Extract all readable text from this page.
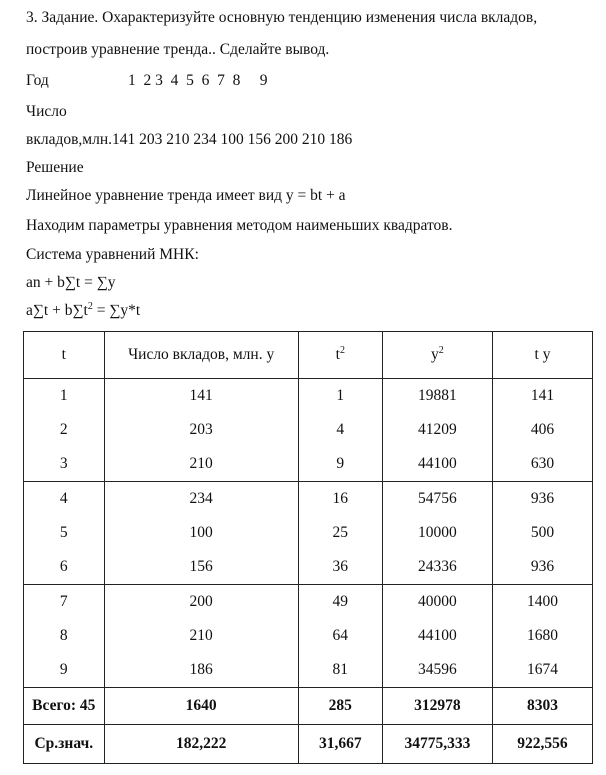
3. Задание. Охарактеризуйте основную тенденцию изменения числа вкладов,
построив уравнение тренда.. Сделайте вывод.
Год	1  2 3  4  5  6  7  8     9
Число
вкладов,млн.141 203 210 234 100 156 200 210 186
Решение
Линейное уравнение тренда имеет вид y = bt + a
Находим параметры уравнения методом наименьших квадратов.
Система уравнений МНК:
an + b∑t = ∑y
$a\sum t + b\sum t^2 = \sum y*t$
t	Число вкладов, млн. y	$t^2$	$y^2$	t y
1	141	1	19881	141
2	203	4	41209	406
3	210	9	44100	630
4	234	16	54756	936
5	100	25	10000	500
6	156	36	24336	936
7	200	49	40000	1400
8	210	64	44100	1680
9	186	81	34596	1674
Всего: 45	1640	285	312978	8303
Ср.знач.	182,222	31,667	34775,333	922,556
